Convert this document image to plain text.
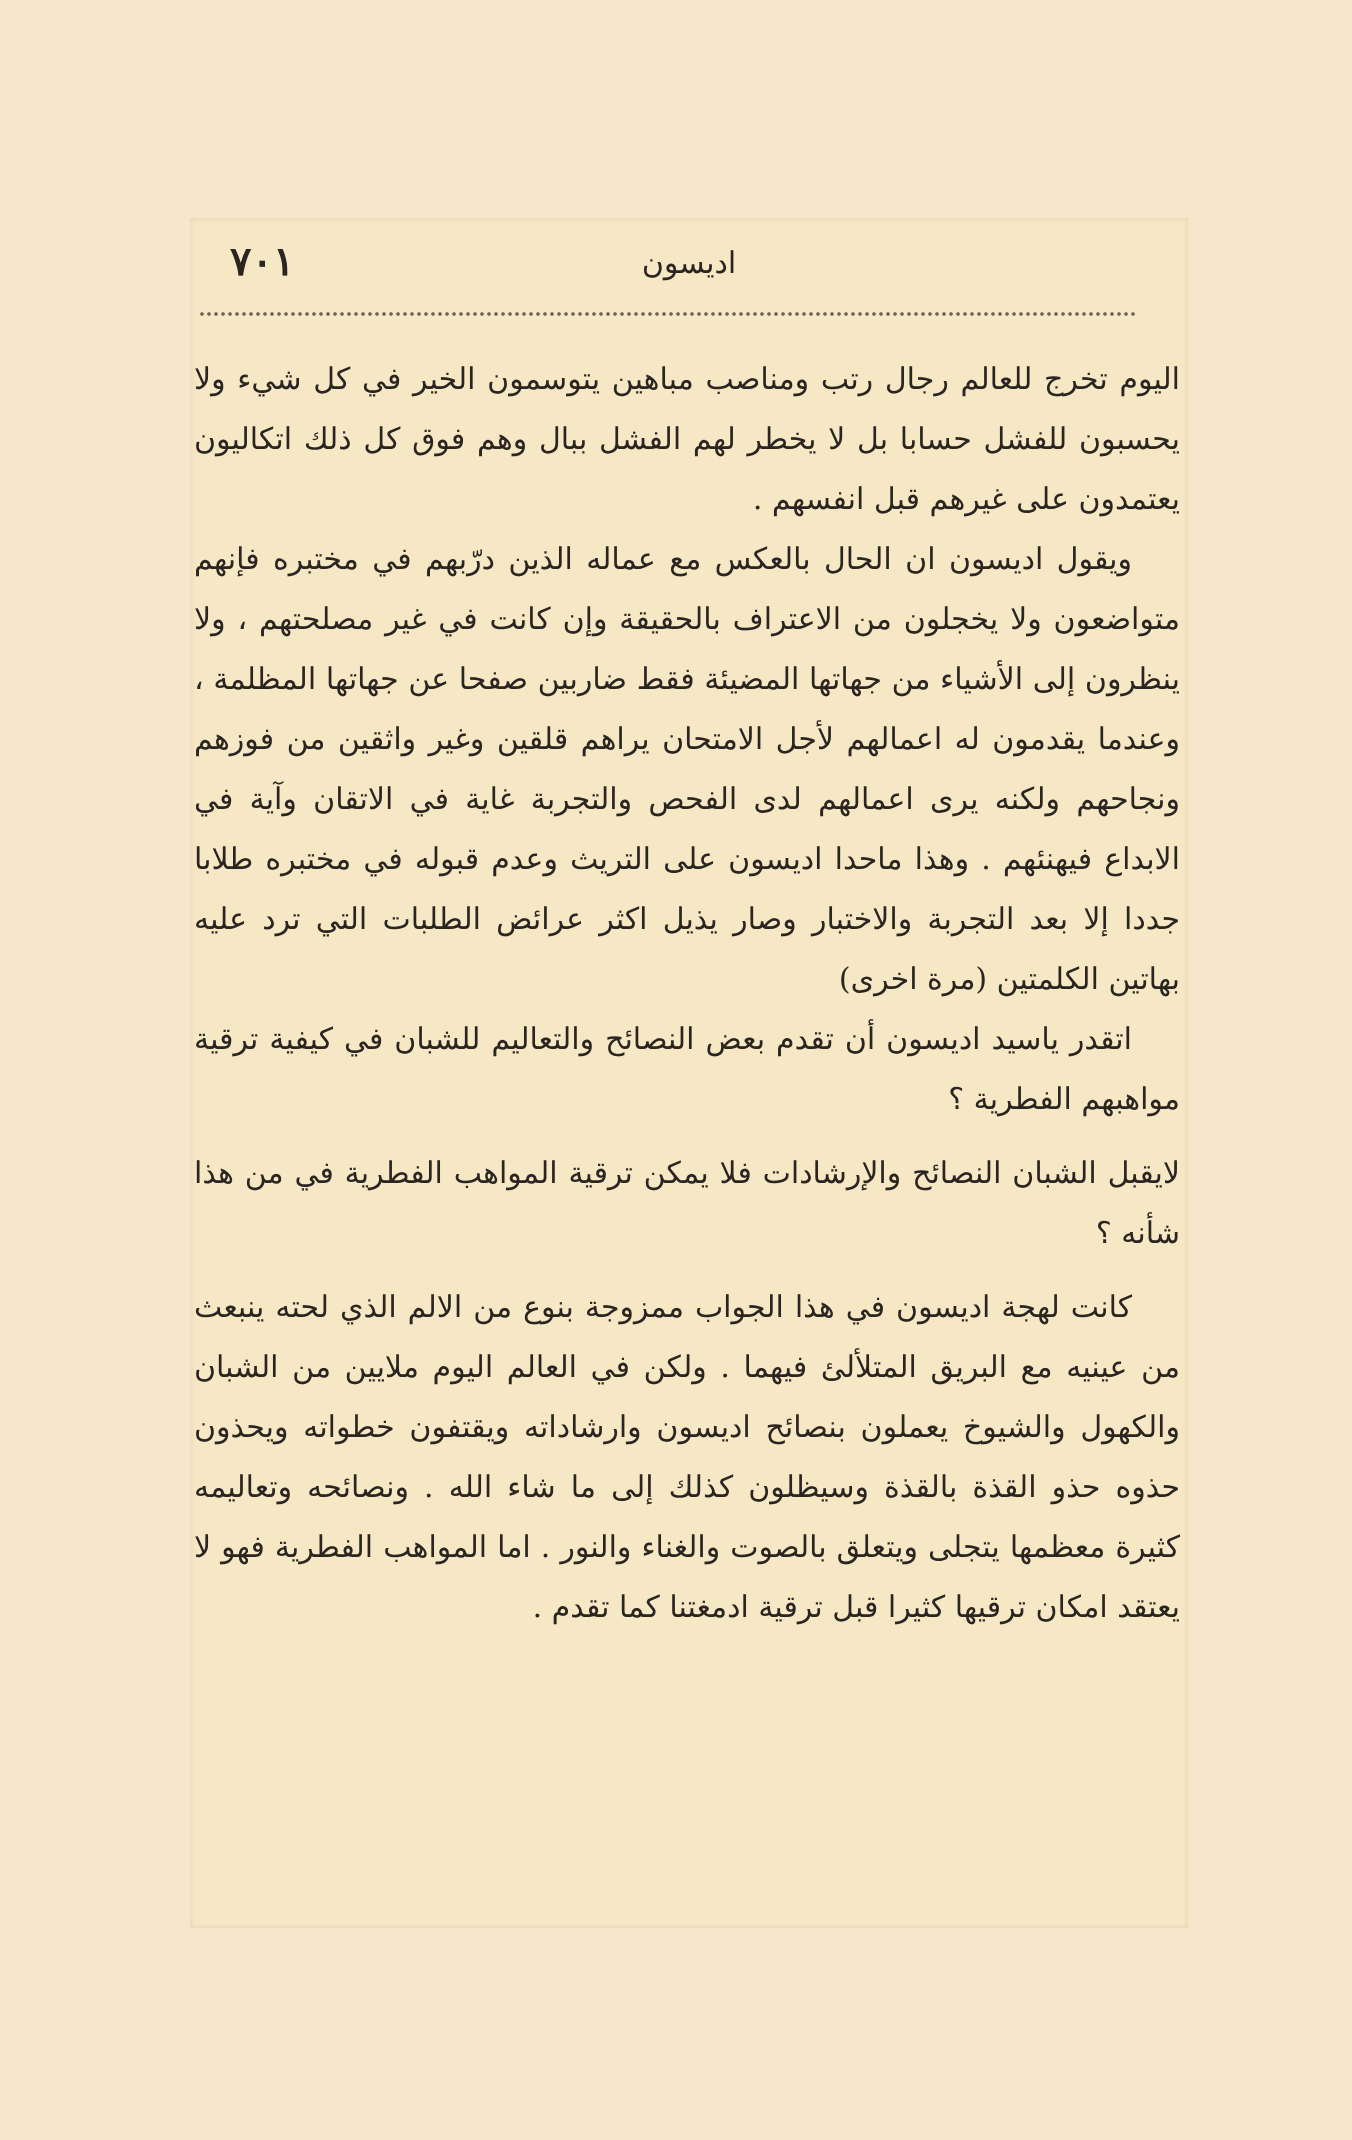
٧٠١	اديسون

اليوم تخرج للعالم رجال رتب ومناصب مباهين يتوسمون الخير في كل شيء ولا يحسبون للفشل حسابا بل لا يخطر لهم الفشل ببال وهم فوق كل ذلك اتكاليون يعتمدون على غيرهم قبل انفسهم .

ويقول اديسون ان الحال بالعكس مع عماله الذين درّبهم في مختبره فإنهم متواضعون ولا يخجلون من الاعتراف بالحقيقة وإن كانت في غير مصلحتهم ، ولا ينظرون إلى الأشياء من جهاتها المضيئة فقط ضاربين صفحا عن جهاتها المظلمة ، وعندما يقدمون له اعمالهم لأجل الامتحان يراهم قلقين وغير واثقين من فوزهم ونجاحهم ولكنه يرى اعمالهم لدى الفحص والتجربة غاية في الاتقان وآية في الابداع فيهنئهم . وهذا ماحدا اديسون على التريث وعدم قبوله في مختبره طلابا جددا إلا بعد التجربة والاختبار وصار يذيل اكثر عرائض الطلبات التي ترد عليه بهاتين الكلمتين (مرة اخرى)

اتقدر ياسيد اديسون أن تقدم بعض النصائح والتعاليم للشبان في كيفية ترقية مواهبهم الفطرية ؟

لايقبل الشبان النصائح والإرشادات فلا يمكن ترقية المواهب الفطرية في من هذا شأنه ؟

كانت لهجة اديسون في هذا الجواب ممزوجة بنوع من الالم الذي لحته ينبعث من عينيه مع البريق المتلألئ فيهما . ولكن في العالم اليوم ملايين من الشبان والكهول والشيوخ يعملون بنصائح اديسون وارشاداته ويقتفون خطواته ويحذون حذوه حذو القذة بالقذة وسيظلون كذلك إلى ما شاء الله . ونصائحه وتعاليمه كثيرة معظمها يتجلى ويتعلق بالصوت والغناء والنور . اما المواهب الفطرية فهو لا يعتقد امكان ترقيها كثيرا قبل ترقية ادمغتنا كما تقدم .
